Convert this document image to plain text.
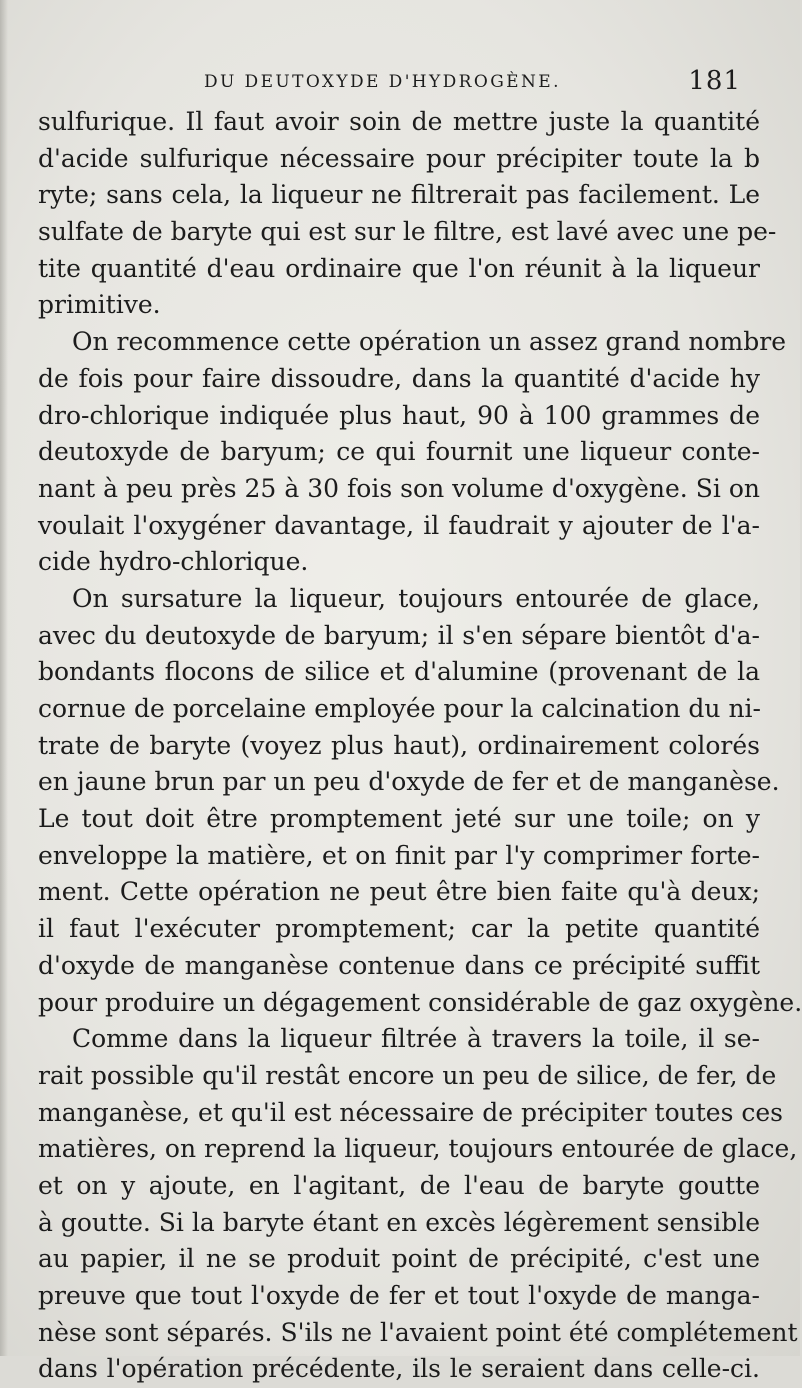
DU DEUTOXYDE D'HYDROGÈNE.	181
sulfurique. Il faut avoir soin de mettre juste la quantité
d'acide sulfurique nécessaire pour précipiter toute la b
ryte; sans cela, la liqueur ne filtrerait pas facilement. Le
sulfate de baryte qui est sur le filtre, est lavé avec une pe-
tite quantité d'eau ordinaire que l'on réunit à la liqueur
primitive.
On recommence cette opération un assez grand nombre
de fois pour faire dissoudre, dans la quantité d'acide hy
dro-chlorique indiquée plus haut, 90 à 100 grammes de
deutoxyde de baryum; ce qui fournit une liqueur conte-
nant à peu près 25 à 30 fois son volume d'oxygène. Si on
voulait l'oxygéner davantage, il faudrait y ajouter de l'a-
cide hydro-chlorique.
On sursature la liqueur, toujours entourée de glace,
avec du deutoxyde de baryum; il s'en sépare bientôt d'a-
bondants flocons de silice et d'alumine (provenant de la
cornue de porcelaine employée pour la calcination du ni-
trate de baryte (voyez plus haut), ordinairement colorés
en jaune brun par un peu d'oxyde de fer et de manganèse.
Le tout doit être promptement jeté sur une toile; on y
enveloppe la matière, et on finit par l'y comprimer forte-
ment. Cette opération ne peut être bien faite qu'à deux;
il faut l'exécuter promptement; car la petite quantité
d'oxyde de manganèse contenue dans ce précipité suffit
pour produire un dégagement considérable de gaz oxygène.
Comme dans la liqueur filtrée à travers la toile, il se-
rait possible qu'il restât encore un peu de silice, de fer, de
manganèse, et qu'il est nécessaire de précipiter toutes ces
matières, on reprend la liqueur, toujours entourée de glace,
et on y ajoute, en l'agitant, de l'eau de baryte goutte
à goutte. Si la baryte étant en excès légèrement sensible
au papier, il ne se produit point de précipité, c'est une
preuve que tout l'oxyde de fer et tout l'oxyde de manga-
nèse sont séparés. S'ils ne l'avaient point été complétement
dans l'opération précédente, ils le seraient dans celle-ci.
